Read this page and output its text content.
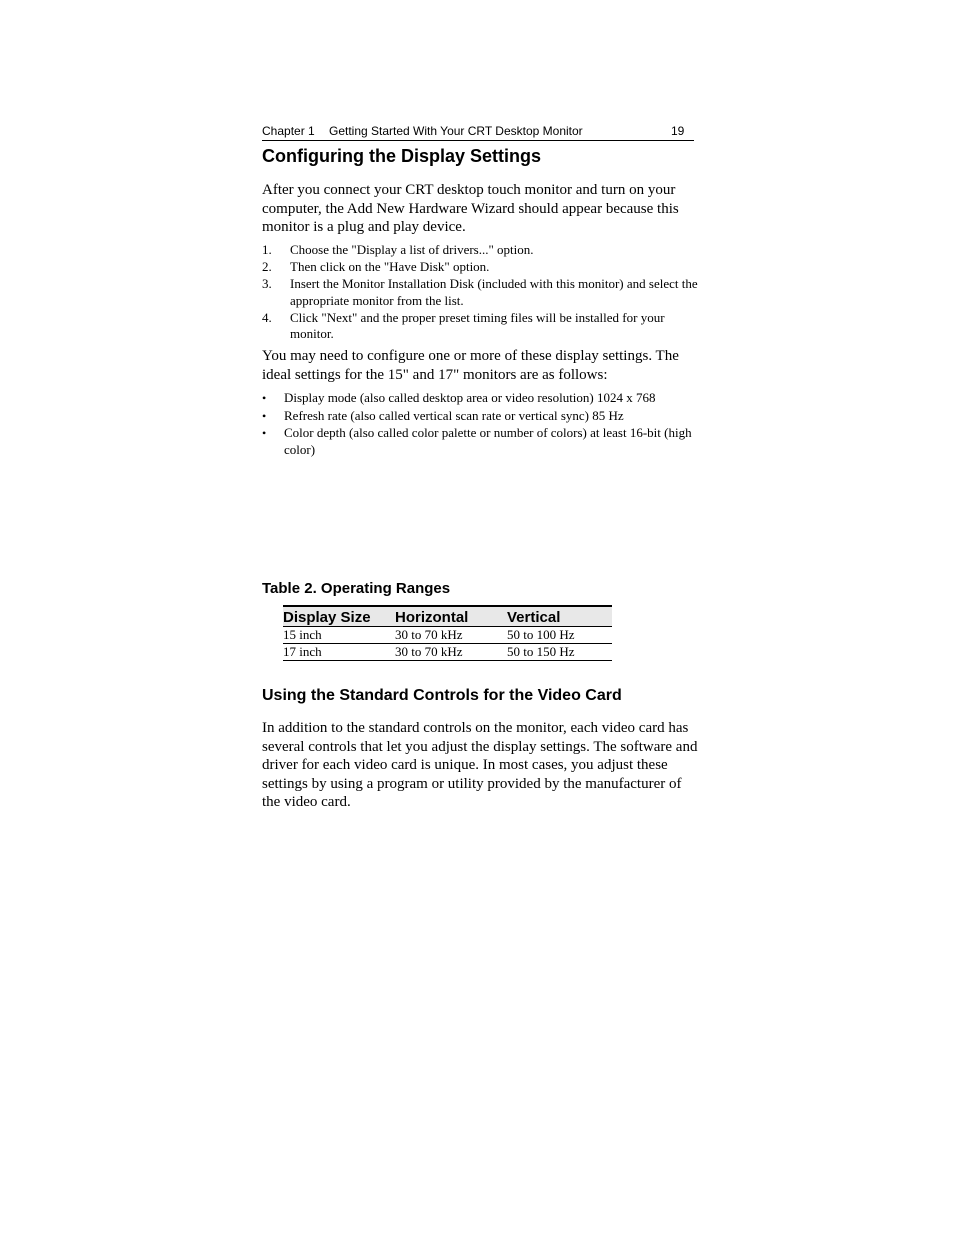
Chapter 1 Getting Started With Your CRT Desktop Monitor	19
Configuring the Display Settings

After you connect your CRT desktop touch monitor and turn on your computer, the Add New Hardware Wizard should appear because this monitor is a plug and play device.

1. Choose the "Display a list of drivers..." option.
2. Then click on the "Have Disk" option.
3. Insert the Monitor Installation Disk (included with this monitor) and select the appropriate monitor from the list.
4. Click "Next" and the proper preset timing files will be installed for your monitor.

You may need to configure one or more of these display settings. The ideal settings for the 15" and 17" monitors are as follows:

• Display mode (also called desktop area or video resolution) 1024 x 768
• Refresh rate (also called vertical scan rate or vertical sync) 85 Hz
• Color depth (also called color palette or number of colors) at least 16-bit (high color)

Table 2. Operating Ranges

Display Size	Horizontal	Vertical
15 inch	30 to 70 kHz	50 to 100 Hz
17 inch	30 to 70 kHz	50 to 150 Hz
Using the Standard Controls for the Video Card

In addition to the standard controls on the monitor, each video card has several controls that let you adjust the display settings. The software and driver for each video card is unique. In most cases, you adjust these settings by using a program or utility provided by the manufacturer of the video card.
